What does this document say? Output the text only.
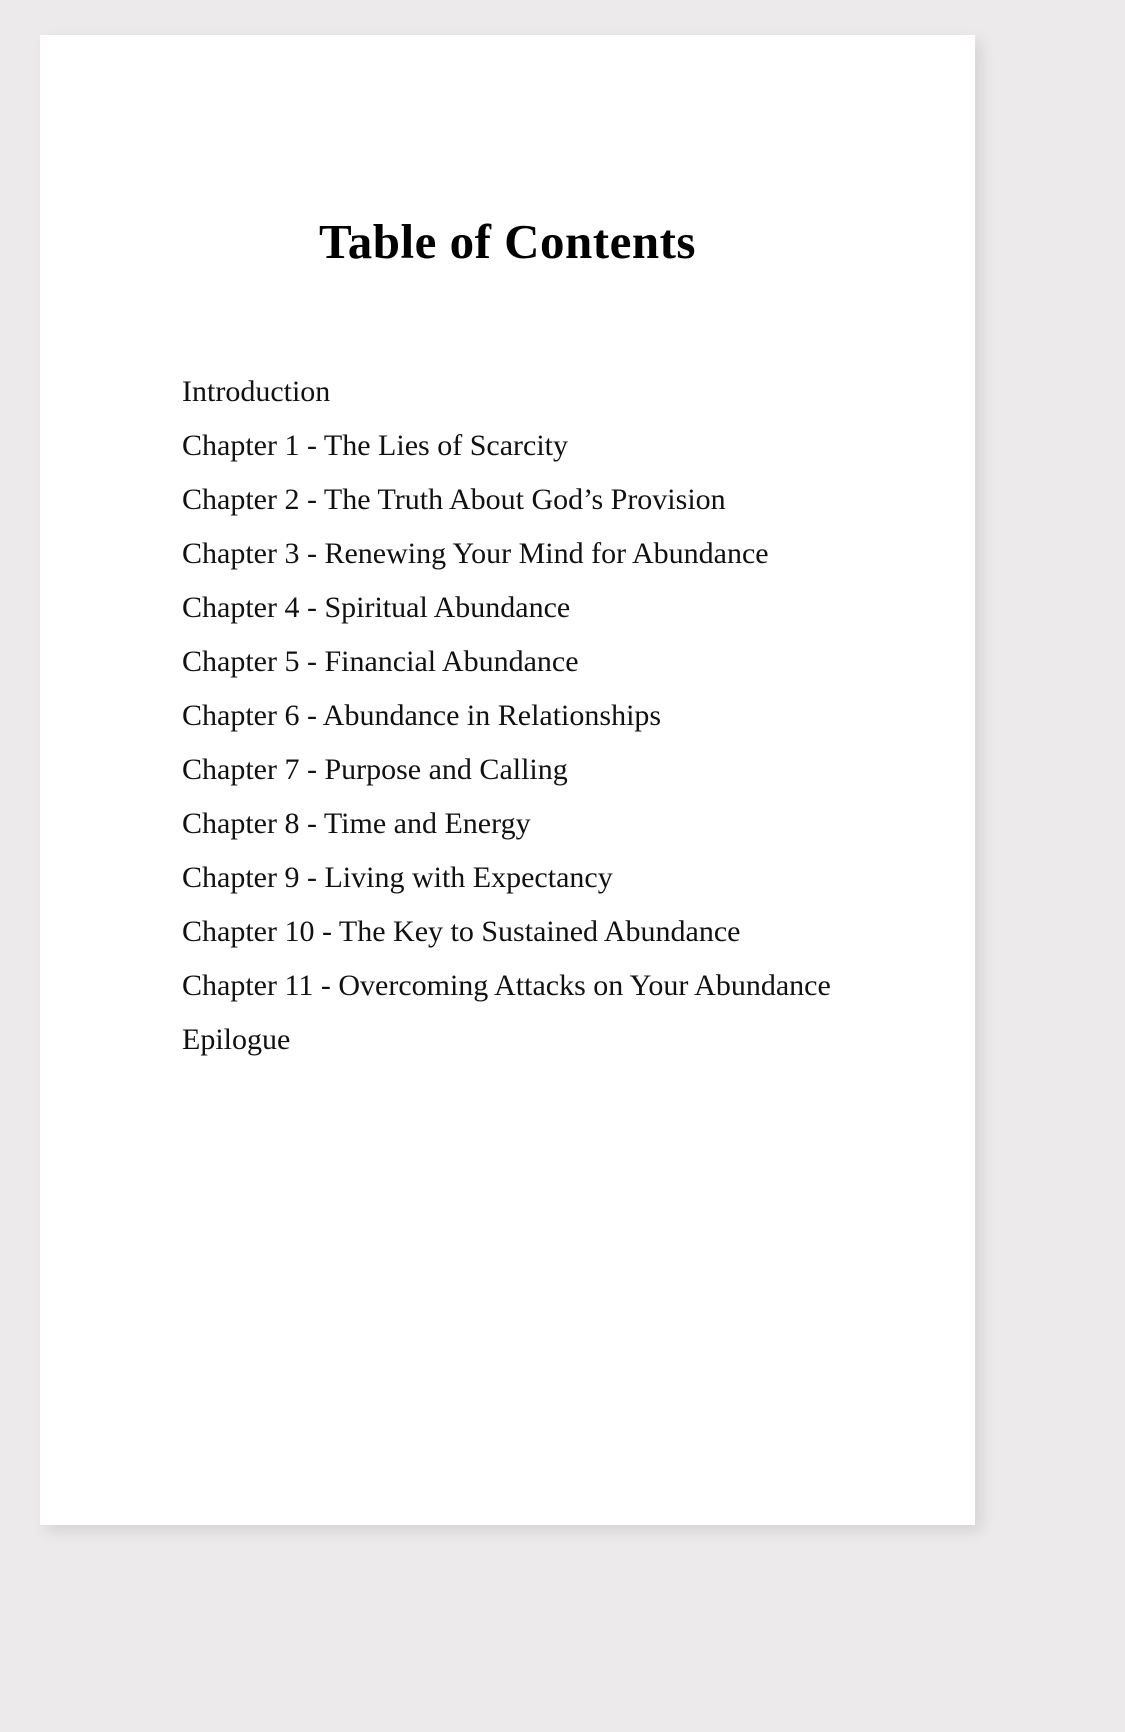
Table of Contents
Introduction
Chapter 1 - The Lies of Scarcity
Chapter 2 - The Truth About God’s Provision
Chapter 3 - Renewing Your Mind for Abundance
Chapter 4 - Spiritual Abundance
Chapter 5 - Financial Abundance
Chapter 6 - Abundance in Relationships
Chapter 7 - Purpose and Calling
Chapter 8 - Time and Energy
Chapter 9 - Living with Expectancy
Chapter 10 - The Key to Sustained Abundance
Chapter 11 - Overcoming Attacks on Your Abundance
Epilogue
